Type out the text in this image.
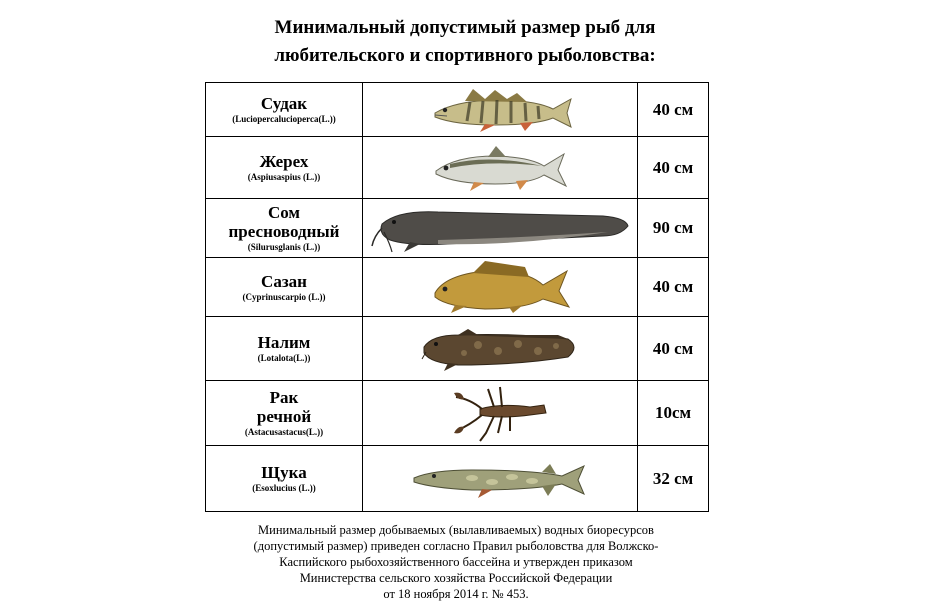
Минимальный допустимый размер рыб для
любительского и спортивного рыболовства:
Судак
(Luciopercalucioperca(L.))		40 см

Жерех
(Aspiusaspius (L.))		40 см

Сом
пресноводный
(Silurusglanis (L.))		90 см

Сазан
(Cyprinuscarpio (L.))		40 см

Налим
(Lotalota(L.))		40 см

Рак
речной
(Astacusastacus(L.))		10см

Щука
(Esoxlucius (L.))		32 см
Минимальный размер добываемых (вылавливаемых) водных биоресурсов
(допустимый размер) приведен согласно Правил рыболовства для Волжско-
Каспийского рыбохозяйственного бассейна и утвержден приказом
Министерства сельского хозяйства Российской Федерации
от 18 ноября 2014 г. № 453.
